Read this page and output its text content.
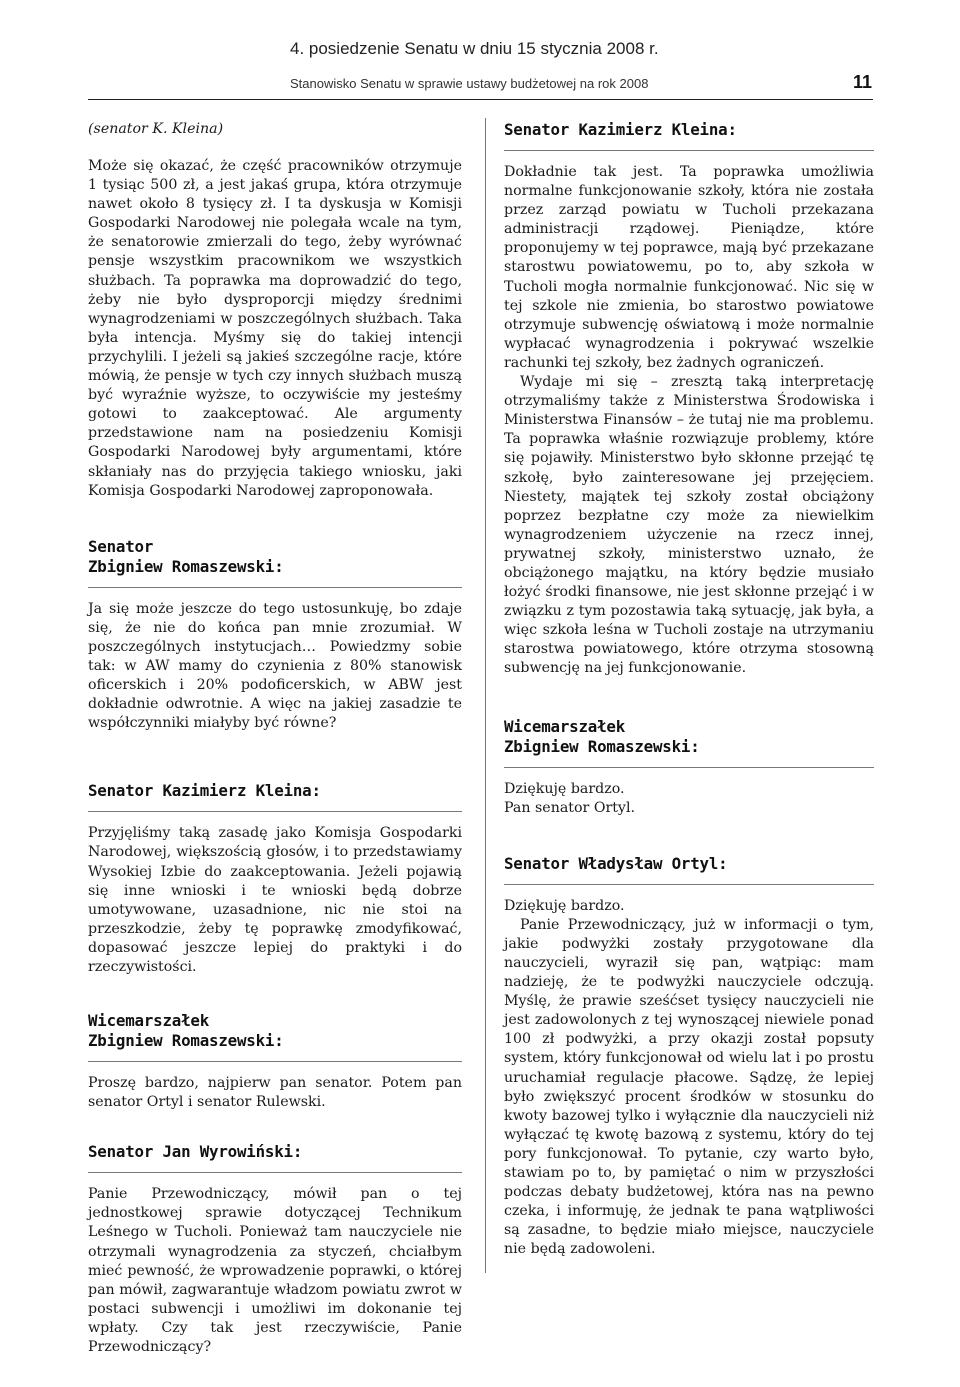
4. posiedzenie Senatu w dniu 15 stycznia 2008 r.
Stanowisko Senatu w sprawie ustawy budżetowej na rok 2008	11
(senator K. Kleina)

Może się okazać, że część pracowników otrzymuje 1 tysiąc 500 zł, a jest jakaś grupa, która otrzymuje nawet około 8 tysięcy zł. I ta dyskusja w Komisji Gospodarki Narodowej nie polegała wcale na tym, że senatorowie zmierzali do tego, żeby wyrównać pensje wszystkim pracownikom we wszystkich służbach. Ta poprawka ma doprowadzić do tego, żeby nie było dysproporcji między średnimi wynagrodzeniami w poszczególnych służbach. Taka była intencja. Myśmy się do takiej intencji przychylili. I jeżeli są jakieś szczególne racje, które mówią, że pensje w tych czy innych służbach muszą być wyraźnie wyższe, to oczywiście my jesteśmy gotowi to zaakceptować. Ale argumenty przedstawione nam na posiedzeniu Komisji Gospodarki Narodowej były argumentami, które skłaniały nas do przyjęcia takiego wniosku, jaki Komisja Gospodarki Narodowej zaproponowała.

Senator
Zbigniew Romaszewski:

Ja się może jeszcze do tego ustosunkuję, bo zdaje się, że nie do końca pan mnie zrozumiał. W poszczególnych instytucjach… Powiedzmy sobie tak: w AW mamy do czynienia z 80% stanowisk oficerskich i 20% podoficerskich, w ABW jest dokładnie odwrotnie. A więc na jakiej zasadzie te współczynniki miałyby być równe?

Senator Kazimierz Kleina:

Przyjęliśmy taką zasadę jako Komisja Gospodarki Narodowej, większością głosów, i to przedstawiamy Wysokiej Izbie do zaakceptowania. Jeżeli pojawią się inne wnioski i te wnioski będą dobrze umotywowane, uzasadnione, nic nie stoi na przeszkodzie, żeby tę poprawkę zmodyfikować, dopasować jeszcze lepiej do praktyki i do rzeczywistości.

Wicemarszałek
Zbigniew Romaszewski:

Proszę bardzo, najpierw pan senator. Potem pan senator Ortyl i senator Rulewski.

Senator Jan Wyrowiński:

Panie Przewodniczący, mówił pan o tej jednostkowej sprawie dotyczącej Technikum Leśnego w Tucholi. Ponieważ tam nauczyciele nie otrzymali wynagrodzenia za styczeń, chciałbym mieć pewność, że wprowadzenie poprawki, o której pan mówił, zagwarantuje władzom powiatu zwrot w postaci subwencji i umożliwi im dokonanie tej wpłaty. Czy tak jest rzeczywiście, Panie Przewodniczący?

Senator Kazimierz Kleina:

Dokładnie tak jest. Ta poprawka umożliwia normalne funkcjonowanie szkoły, która nie została przez zarząd powiatu w Tucholi przekazana administracji rządowej. Pieniądze, które proponujemy w tej poprawce, mają być przekazane starostwu powiatowemu, po to, aby szkoła w Tucholi mogła normalnie funkcjonować. Nic się w tej szkole nie zmienia, bo starostwo powiatowe otrzymuje subwencję oświatową i może normalnie wypłacać wynagrodzenia i pokrywać wszelkie rachunki tej szkoły, bez żadnych ograniczeń.

Wydaje mi się – zresztą taką interpretację otrzymaliśmy także z Ministerstwa Środowiska i Ministerstwa Finansów – że tutaj nie ma problemu. Ta poprawka właśnie rozwiązuje problemy, które się pojawiły. Ministerstwo było skłonne przejąć tę szkołę, było zainteresowane jej przejęciem. Niestety, majątek tej szkoły został obciążony poprzez bezpłatne czy może za niewielkim wynagrodzeniem użyczenie na rzecz innej, prywatnej szkoły, ministerstwo uznało, że obciążonego majątku, na który będzie musiało łożyć środki finansowe, nie jest skłonne przejąć i w związku z tym pozostawia taką sytuację, jak była, a więc szkoła leśna w Tucholi zostaje na utrzymaniu starostwa powiatowego, które otrzyma stosowną subwencję na jej funkcjonowanie.

Wicemarszałek
Zbigniew Romaszewski:

Dziękuję bardzo.

Pan senator Ortyl.

Senator Władysław Ortyl:

Dziękuję bardzo.

Panie Przewodniczący, już w informacji o tym, jakie podwyżki zostały przygotowane dla nauczycieli, wyraził się pan, wątpiąc: mam nadzieję, że te podwyżki nauczyciele odczują. Myślę, że prawie sześćset tysięcy nauczycieli nie jest zadowolonych z tej wynoszącej niewiele ponad 100 zł podwyżki, a przy okazji został popsuty system, który funkcjonował od wielu lat i po prostu uruchamiał regulacje płacowe. Sądzę, że lepiej było zwiększyć procent środków w stosunku do kwoty bazowej tylko i wyłącznie dla nauczycieli niż wyłączać tę kwotę bazową z systemu, który do tej pory funkcjonował. To pytanie, czy warto było, stawiam po to, by pamiętać o nim w przyszłości podczas debaty budżetowej, która nas na pewno czeka, i informuję, że jednak te pana wątpliwości są zasadne, to będzie miało miejsce, nauczyciele nie będą zadowoleni.
